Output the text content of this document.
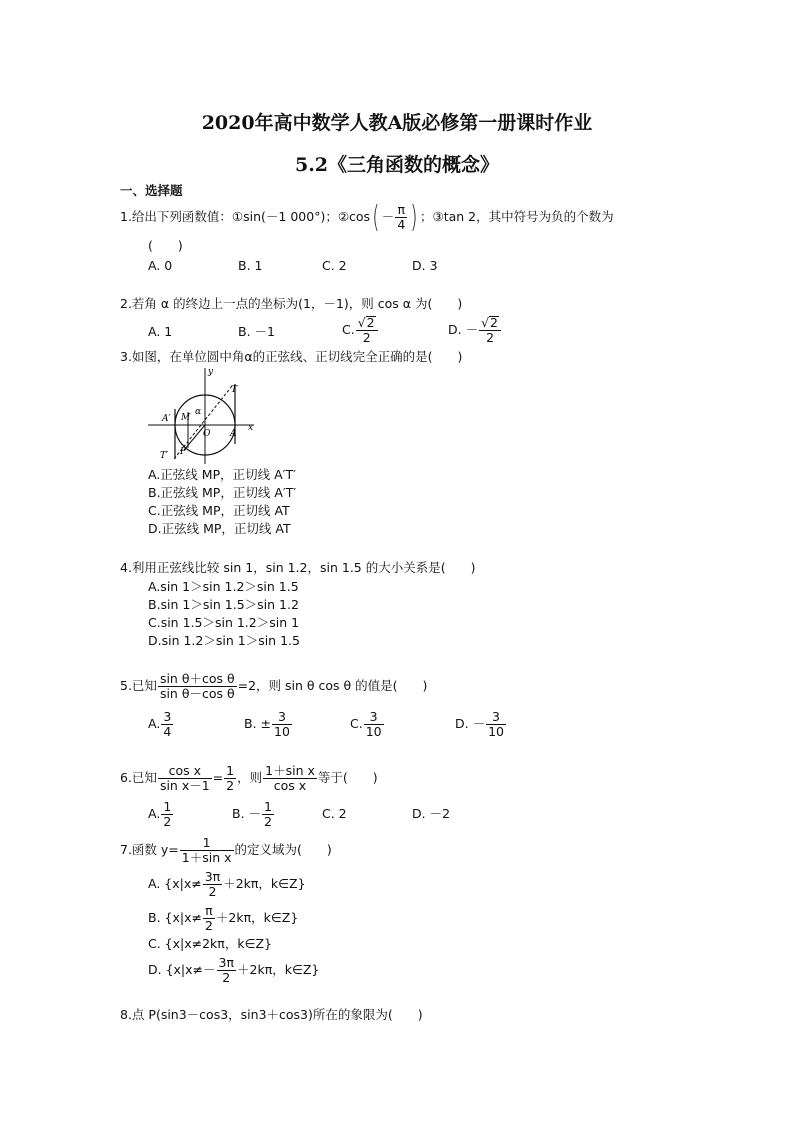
2020年高中数学人教A版必修第一册课时作业
5.2《三角函数的概念》
一、选择题
1.给出下列函数值：①sin(－1 000°)；②cos( － $\frac{\pi}{4}$ ) ；③tan 2，其中符号为负的个数为
(　　)
A. 0	B. 1	C. 2	D. 3
2.若角 α 的终边上一点的坐标为(1，－1)，则 cos α 为(　　)
A. 1	B. －1	C. $\frac{√2}{2}$	D. － $\frac{√2}{2}$
3.如图，在单位圆中角α的正弦线、正切线完全正确的是(　　)
y
x
T
M
A′
α
O A
T′ P
A.正弦线 MP，正切线 A′T′
B.正弦线 MP，正切线 A′T′
C.正弦线 MP，正切线 AT
D.正弦线 MP，正切线 AT
4.利用正弦线比较 sin 1，sin 1.2，sin 1.5 的大小关系是(　　)
A.sin 1＞sin 1.2＞sin 1.5
B.sin 1＞sin 1.5＞sin 1.2
C.sin 1.5＞sin 1.2＞sin 1
D.sin 1.2＞sin 1＞sin 1.5
5.已知 $\frac{\text{sin θ＋cos θ}}{\text{sin θ－cos θ}} =2$，则 sin θ cos θ 的值是(　　)
A. $\frac{3}{4}$	B. ± $\frac{3}{10}$	C. $\frac{3}{10}$	D. － $\frac{3}{10}$
6.已知 $\frac{\text{cos x}}{\text{sin x－1}} = \frac{1}{2}$ ，则 $\frac{\text{1＋sin x}}{\text{cos x}}$ 等于(　　)
A. $\frac{1}{2}$	B. － $\frac{1}{2}$	C. 2	D. －2
7.函数 $y= \frac{1}{\text{1＋sin x}}$ 的定义域为(　　)
A. {$x|x\ne \frac{3\pi}{2} +2k\pi$，k∈Z}
B. {$x|x\ne \frac{\pi}{2} +2k\pi$，k∈Z}
C. {x|x≠2kπ，k∈Z}
D. {$x|x\ne- \frac{3\pi}{2} +2k\pi$，k∈Z}
8.点 P(sin3－cos3，sin3＋cos3)所在的象限为(　　)
